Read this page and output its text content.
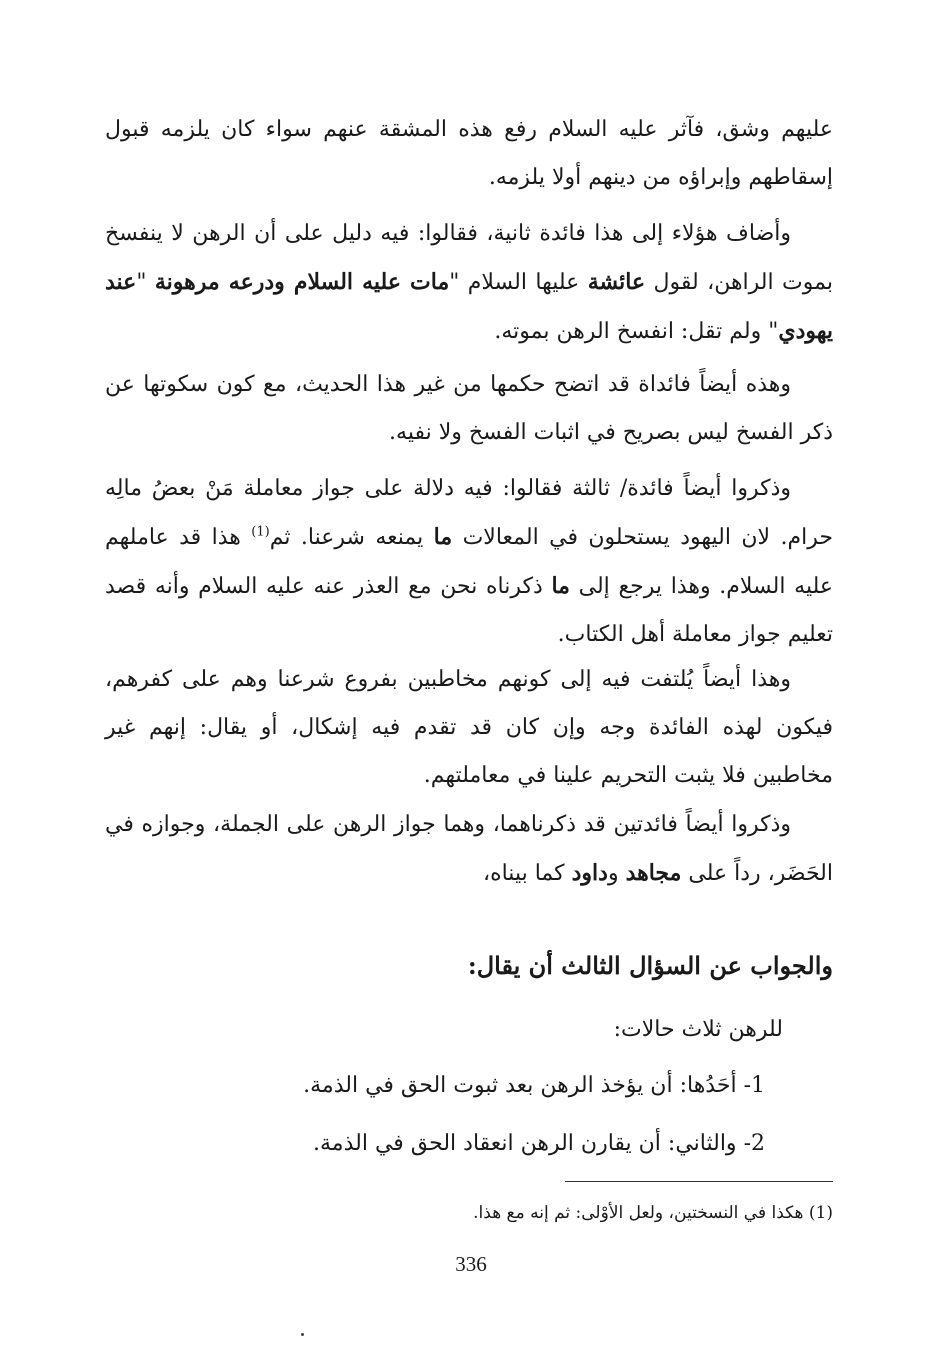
عليهم وشق، فآثر عليه السلام رفع هذه المشقة عنهم سواء كان يلزمه قبول إسقاطهم وإبراؤه من دينهم أولا يلزمه.

وأضاف هؤلاء إلى هذا فائدة ثانية، فقالوا: فيه دليل على أن الرهن لا ينفسخ بموت الراهن، لقول عائشة عليها السلام "مات عليه السلام ودرعه مرهونة "عند يهودي" ولم تقل: انفسخ الرهن بموته.

وهذه أيضاً فائداة قد اتضح حكمها من غير هذا الحديث، مع كون سكوتها عن ذكر الفسخ ليس بصريح في اثبات الفسخ ولا نفيه.

وذكروا أيضاً فائدة/ ثالثة فقالوا: فيه دلالة على جواز معاملة مَنْ بعضُ مالِه حرام. لان اليهود يستحلون في المعالات ما يمنعه شرعنا. ثم$^{(1)}$ هذا قد عاملهم عليه السلام. وهذا يرجع إلى ما ذكرناه نحن مع العذر عنه عليه السلام وأنه قصد تعليم جواز معاملة أهل الكتاب.

وهذا أيضاً يُلتفت فيه إلى كونهم مخاطبين بفروع شرعنا وهم على كفرهم، فيكون لهذه الفائدة وجه وإن كان قد تقدم فيه إشكال، أو يقال: إنهم غير مخاطبين فلا يثبت التحريم علينا في معاملتهم.

وذكروا أيضاً فائدتين قد ذكرناهما، وهما جواز الرهن على الجملة، وجوازه في الحَضَر، رداً على مجاهد وداود كما بيناه،

والجواب عن السؤال الثالث أن يقال:
للرهن ثلاث حالات:
1- أحَدُها: أن يؤخذ الرهن بعد ثبوت الحق في الذمة.
2- والثاني: أن يقارن الرهن انعقاد الحق في الذمة.
(1) هكذا في النسختين، ولعل الأوْلى: ثم إنه مع هذا.
336
